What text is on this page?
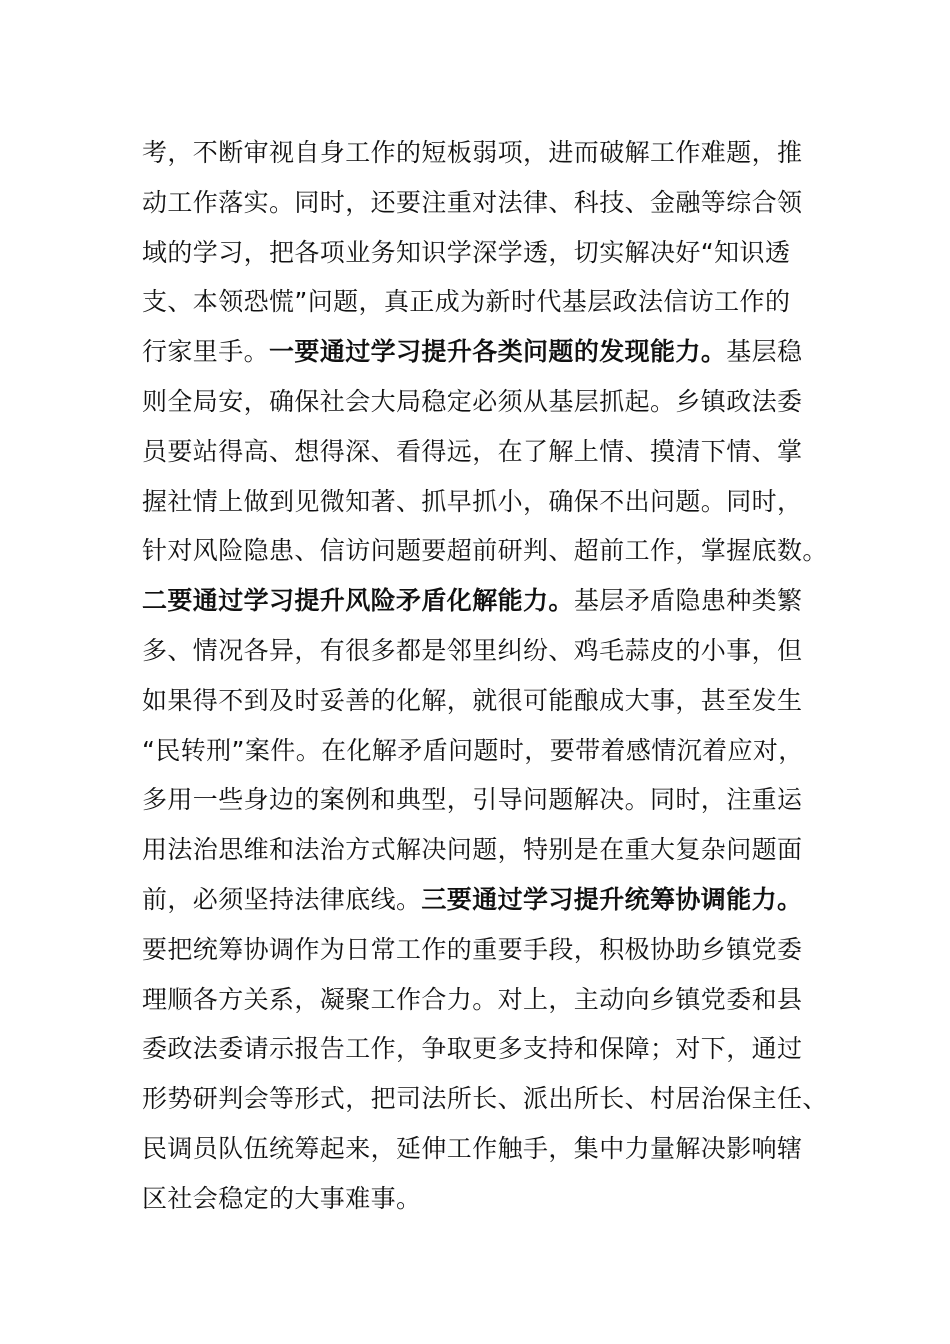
考，不断审视自身工作的短板弱项，进而破解工作难题，推
动工作落实。同时，还要注重对法律、科技、金融等综合领
域的学习，把各项业务知识学深学透，切实解决好“知识透
支、本领恐慌”问题，真正成为新时代基层政法信访工作的
行家里手。一要通过学习提升各类问题的发现能力。基层稳
则全局安，确保社会大局稳定必须从基层抓起。乡镇政法委
员要站得高、想得深、看得远，在了解上情、摸清下情、掌
握社情上做到见微知著、抓早抓小，确保不出问题。同时，
针对风险隐患、信访问题要超前研判、超前工作，掌握底数。
二要通过学习提升风险矛盾化解能力。基层矛盾隐患种类繁
多、情况各异，有很多都是邻里纠纷、鸡毛蒜皮的小事，但
如果得不到及时妥善的化解，就很可能酿成大事，甚至发生
“民转刑”案件。在化解矛盾问题时，要带着感情沉着应对，
多用一些身边的案例和典型，引导问题解决。同时，注重运
用法治思维和法治方式解决问题，特别是在重大复杂问题面
前，必须坚持法律底线。三要通过学习提升统筹协调能力。
要把统筹协调作为日常工作的重要手段，积极协助乡镇党委
理顺各方关系，凝聚工作合力。对上，主动向乡镇党委和县
委政法委请示报告工作，争取更多支持和保障；对下，通过
形势研判会等形式，把司法所长、派出所长、村居治保主任、
民调员队伍统筹起来，延伸工作触手，集中力量解决影响辖
区社会稳定的大事难事。
